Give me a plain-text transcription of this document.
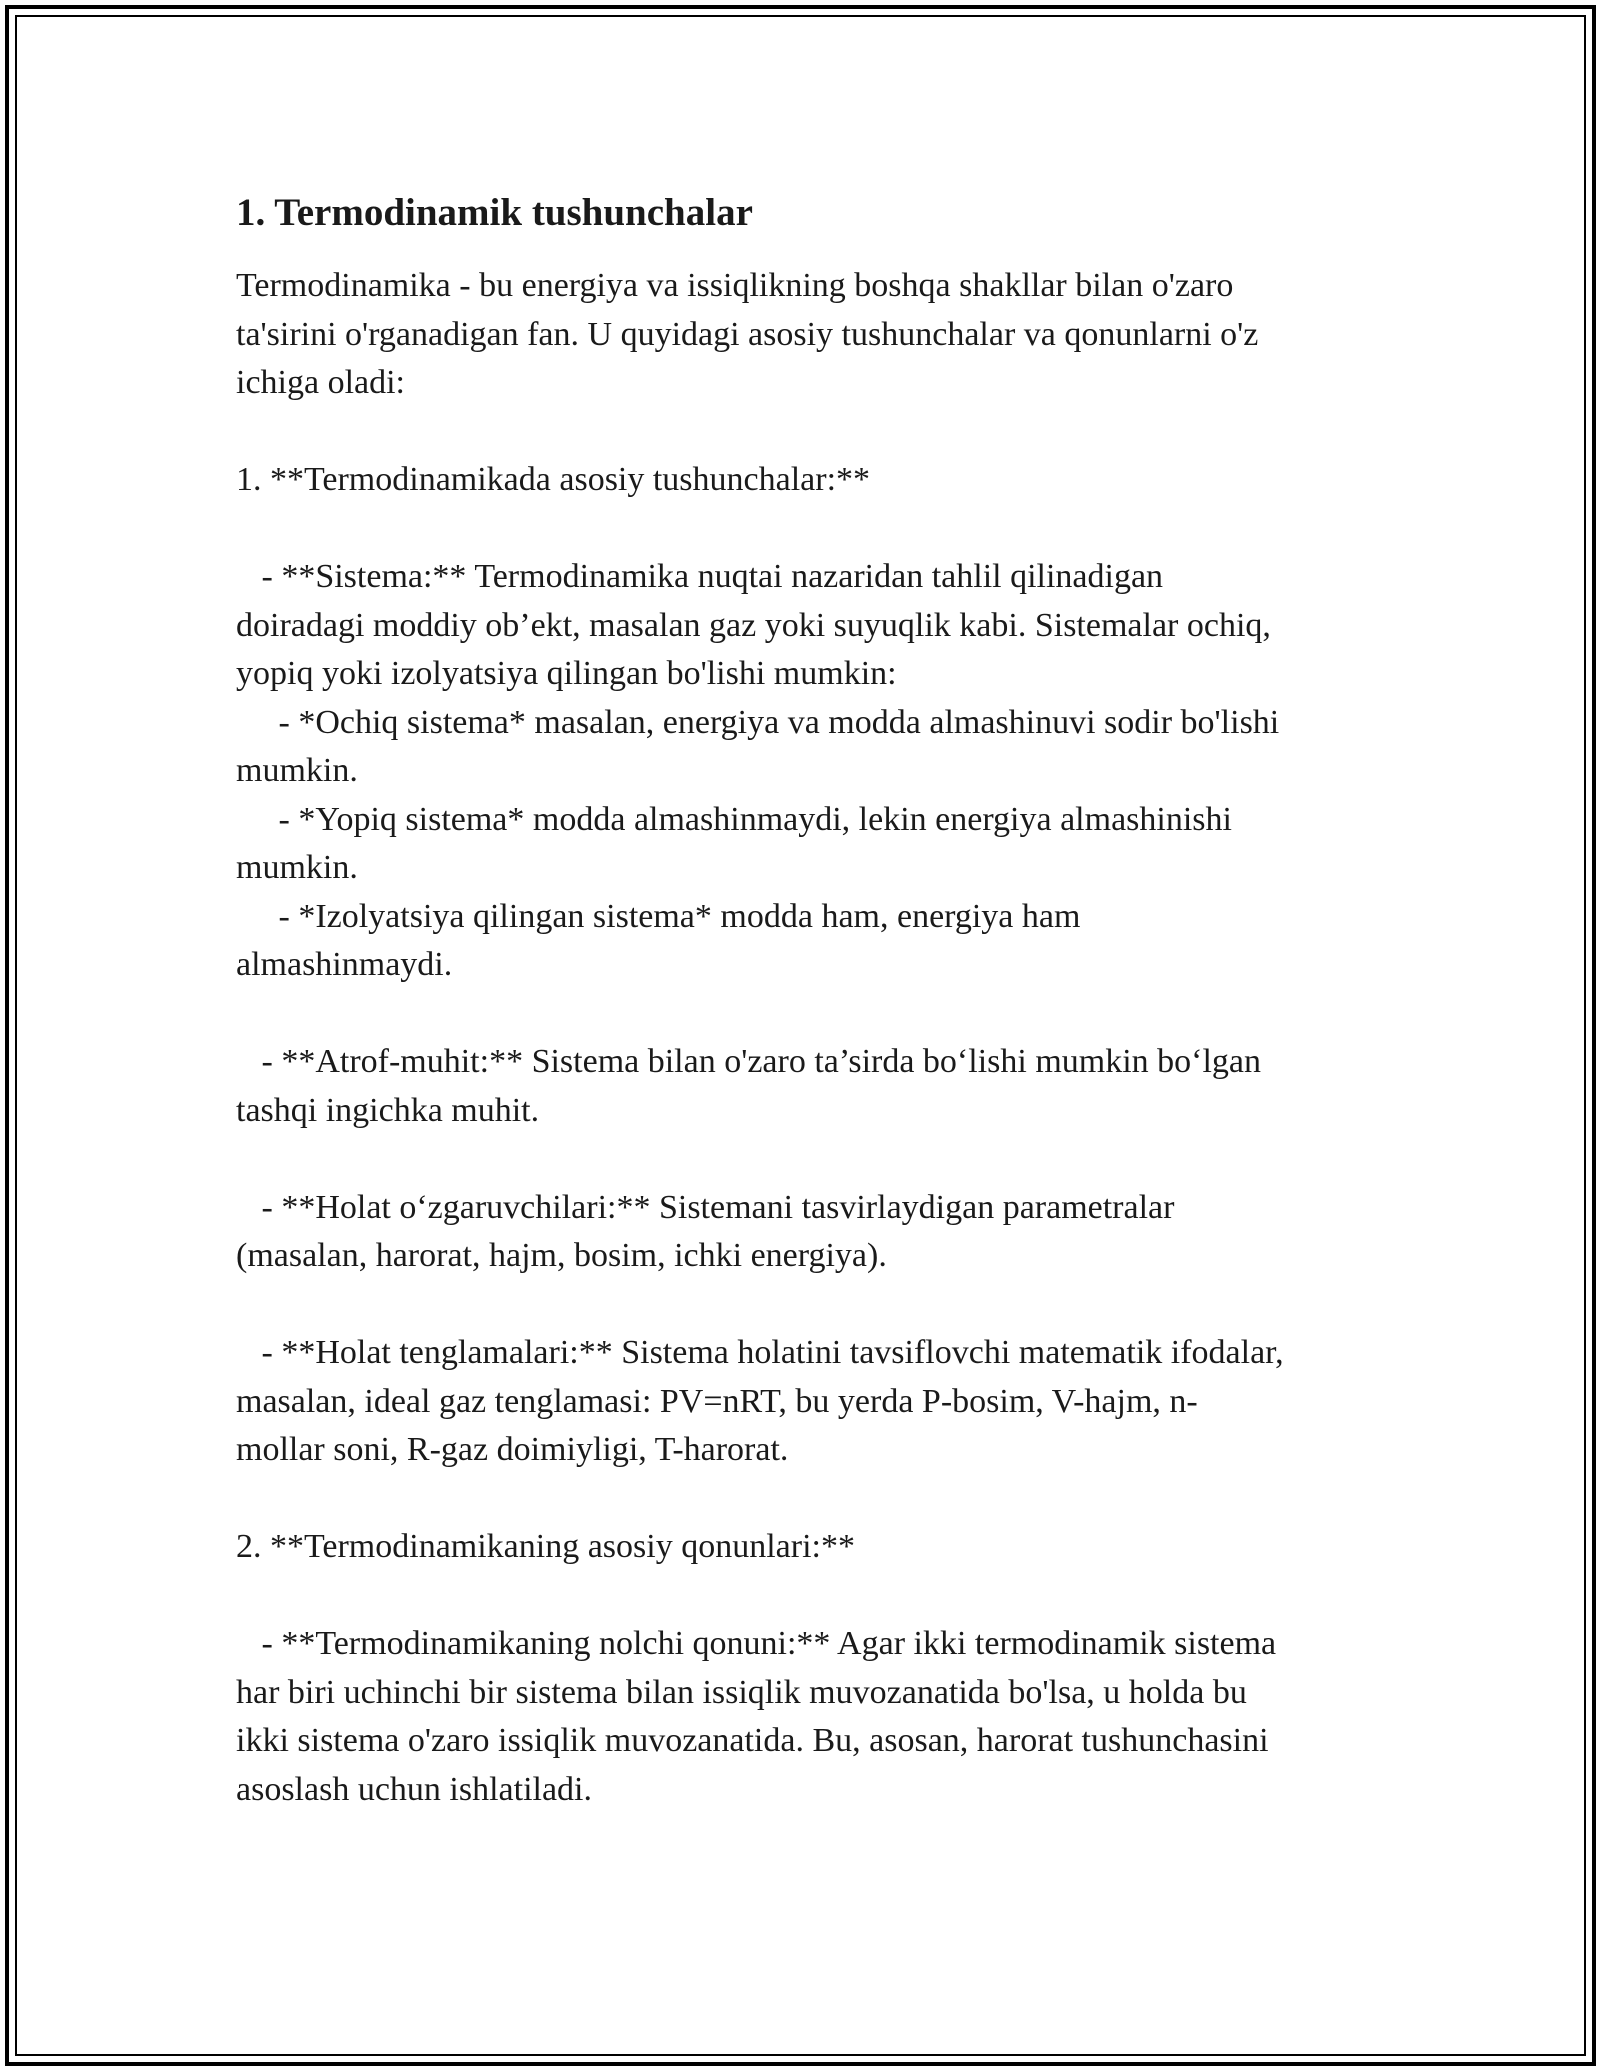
1. Termodinamik tushunchalar

Termodinamika - bu energiya va issiqlikning boshqa shakllar bilan o'zaro

ta'sirini o'rganadigan fan. U quyidagi asosiy tushunchalar va qonunlarni o'z

ichiga oladi:

1. **Termodinamikada asosiy tushunchalar:**

- **Sistema:** Termodinamika nuqtai nazaridan tahlil qilinadigan

doiradagi moddiy ob’ekt, masalan gaz yoki suyuqlik kabi. Sistemalar ochiq,

yopiq yoki izolyatsiya qilingan bo'lishi mumkin:

- *Ochiq sistema* masalan, energiya va modda almashinuvi sodir bo'lishi

mumkin.

- *Yopiq sistema* modda almashinmaydi, lekin energiya almashinishi

mumkin.

- *Izolyatsiya qilingan sistema* modda ham, energiya ham

almashinmaydi.

- **Atrof-muhit:** Sistema bilan o'zaro ta’sirda boʻlishi mumkin boʻlgan

tashqi ingichka muhit.

- **Holat oʻzgaruvchilari:** Sistemani tasvirlaydigan parametralar

(masalan, harorat, hajm, bosim, ichki energiya).

- **Holat tenglamalari:** Sistema holatini tavsiflovchi matematik ifodalar,

masalan, ideal gaz tenglamasi: PV=nRT, bu yerda P-bosim, V-hajm, n-

mollar soni, R-gaz doimiyligi, T-harorat.

2. **Termodinamikaning asosiy qonunlari:**

- **Termodinamikaning nolchi qonuni:** Agar ikki termodinamik sistema

har biri uchinchi bir sistema bilan issiqlik muvozanatida bo'lsa, u holda bu

ikki sistema o'zaro issiqlik muvozanatida. Bu, asosan, harorat tushunchasini

asoslash uchun ishlatiladi.
